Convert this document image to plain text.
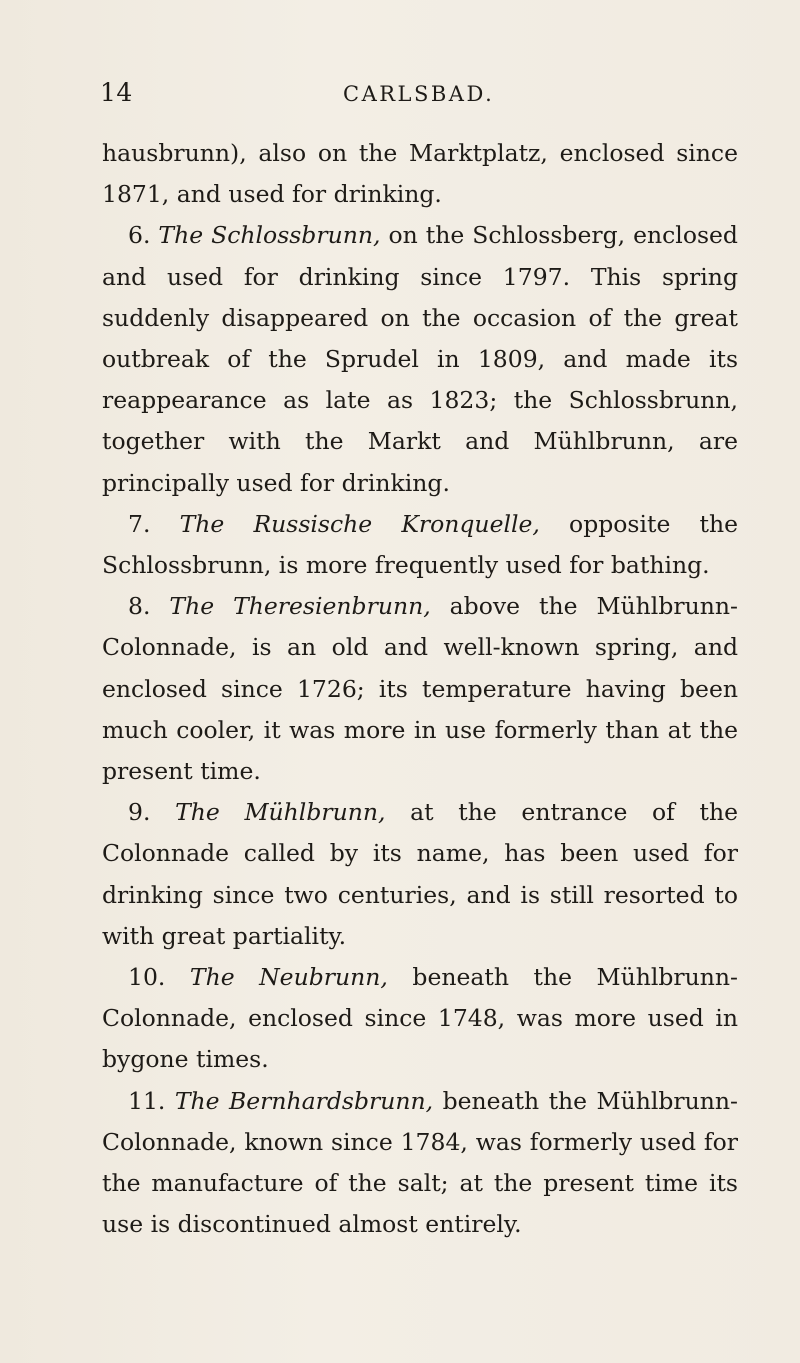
14	CARLSBAD.

hausbrunn), also on the Marktplatz, enclosed since 1871, and used for drinking.

6. The Schlossbrunn, on the Schlossberg, enclosed and used for drinking since 1797. This spring suddenly disappeared on the occasion of the great outbreak of the Sprudel in 1809, and made its reappearance as late as 1823; the Schlossbrunn, together with the Markt and Mühlbrunn, are principally used for drinking.

7. The Russische Kronquelle, opposite the Schlossbrunn, is more frequently used for bathing.

8. The Theresienbrunn, above the Mühlbrunn-Colonnade, is an old and well-known spring, and enclosed since 1726; its temperature having been much cooler, it was more in use formerly than at the present time.

9. The Mühlbrunn, at the entrance of the Colonnade called by its name, has been used for drinking since two centuries, and is still resorted to with great partiality.

10. The Neubrunn, beneath the Mühlbrunn-Colonnade, enclosed since 1748, was more used in bygone times.

11. The Bernhardsbrunn, beneath the Mühlbrunn-Colonnade, known since 1784, was formerly used for the manufacture of the salt; at the present time its use is discontinued almost entirely.
